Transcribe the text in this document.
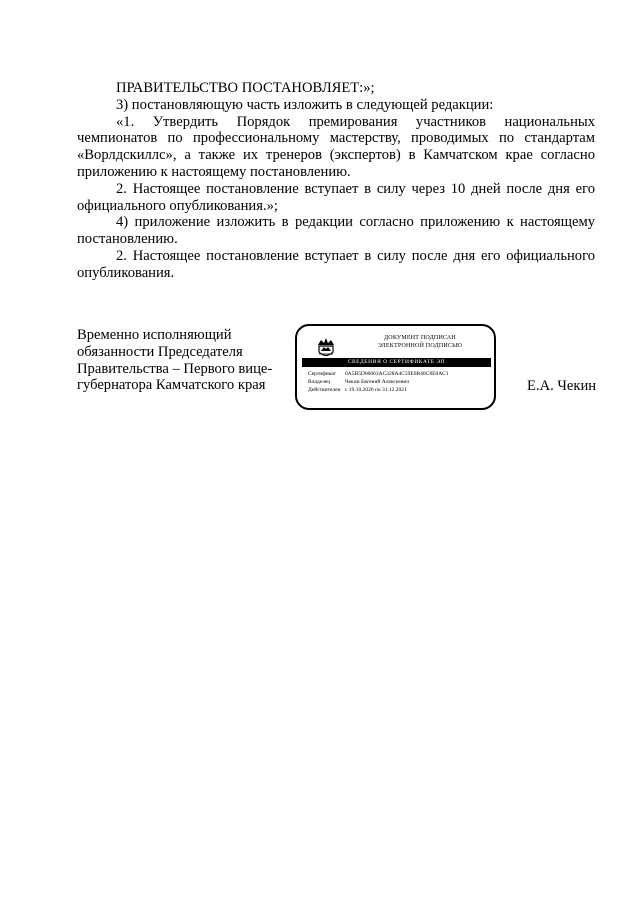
ПРАВИТЕЛЬСТВО ПОСТАНОВЛЯЕТ:»;

3) постановляющую часть изложить в следующей редакции:

«1. Утвердить Порядок премирования участников национальных чемпионатов по профессиональному мастерству, проводимых по стандартам «Ворлдскиллс», а также их тренеров (экспертов) в Камчатском крае согласно приложению к настоящему постановлению.

2. Настоящее постановление вступает в силу через 10 дней после дня его официального опубликования.»;

4) приложение изложить в редакции согласно приложению к настоящему постановлению.

2. Настоящее постановление вступает в силу после дня его официального опубликования.

Временно исполняющий
обязанности Председателя
Правительства – Первого вице-
губернатора Камчатского края
ДОКУМЕНТ ПОДПИСАН
ЭЛЕКТРОННОЙ ПОДПИСЬЮ
СВЕДЕНИЯ О СЕРТИФИКАТЕ ЭП
Сертификат	0A5B5D00063AC328A4C59E0B40C8E0AC1
Владелец	Чекин Евгений Алексеевич
Действителен с 19.10.2020 по 31.12.2021	Е.А. Чекин
